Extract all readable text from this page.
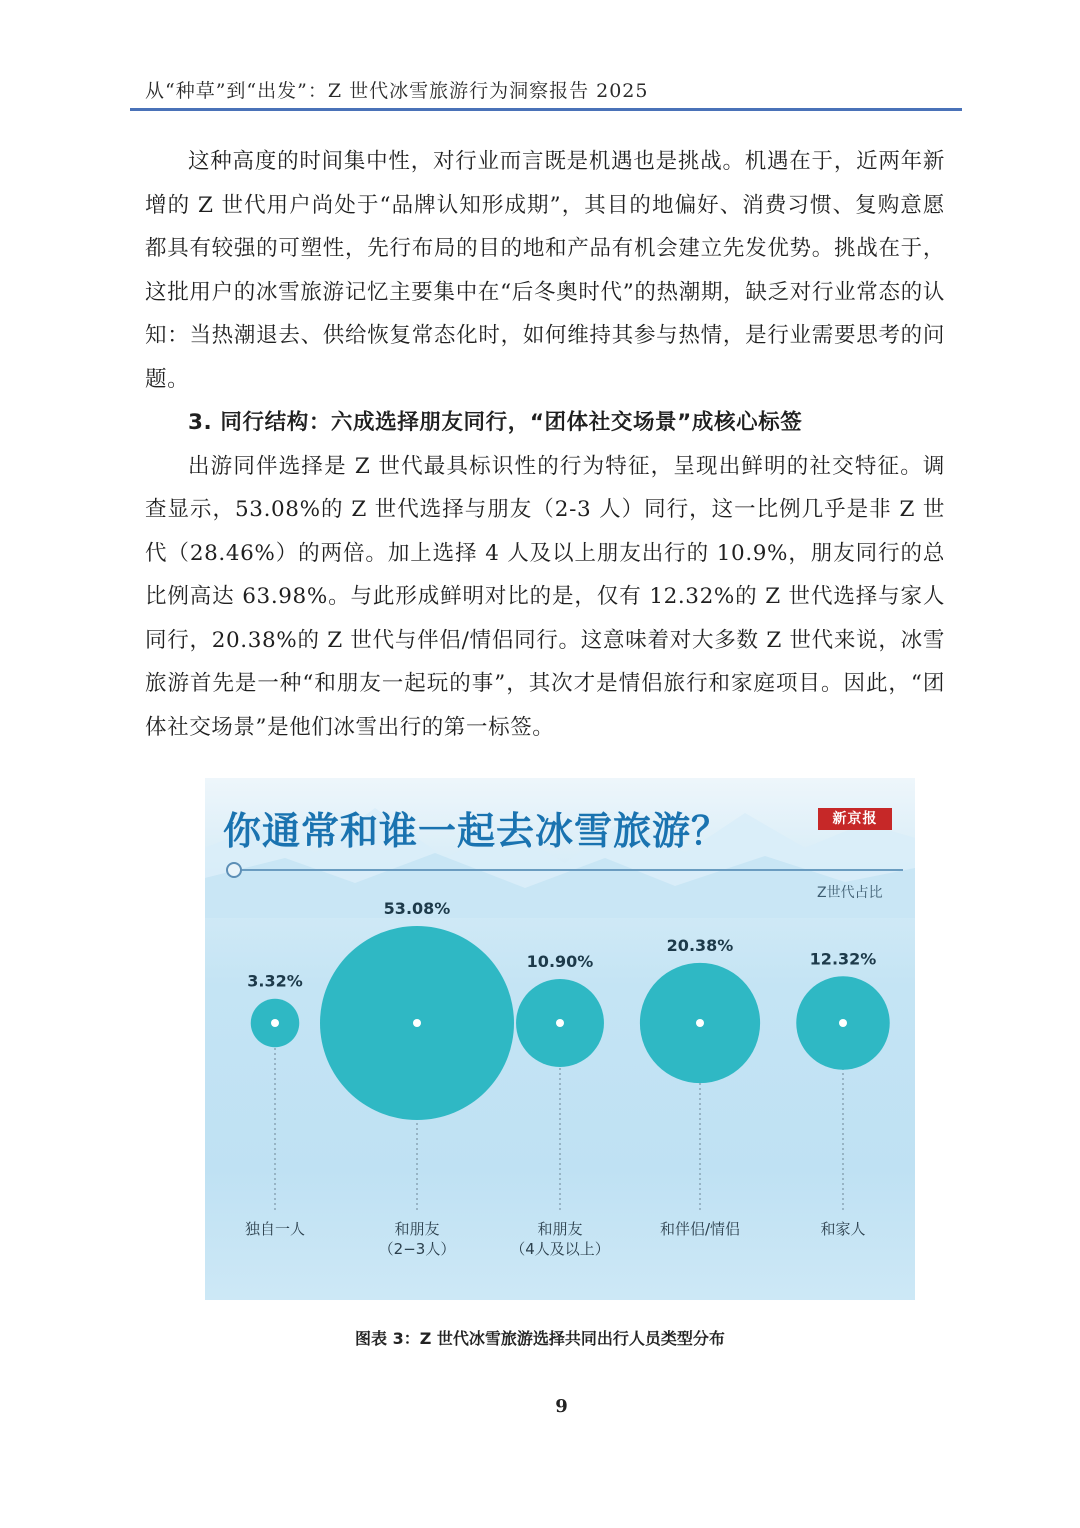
从“种草”到“出发”：Z 世代冰雪旅游行为洞察报告 2025

这种高度的时间集中性，对行业而言既是机遇也是挑战。机遇在于，近两年新增的 Z 世代用户尚处于“品牌认知形成期”，其目的地偏好、消费习惯、复购意愿都具有较强的可塑性，先行布局的目的地和产品有机会建立先发优势。挑战在于，这批用户的冰雪旅游记忆主要集中在“后冬奥时代”的热潮期，缺乏对行业常态的认知：当热潮退去、供给恢复常态化时，如何维持其参与热情，是行业需要思考的问题。

3. 同行结构：六成选择朋友同行，“团体社交场景”成核心标签

出游同伴选择是 Z 世代最具标识性的行为特征，呈现出鲜明的社交特征。调查显示，53.08%的 Z 世代选择与朋友（2-3 人）同行，这一比例几乎是非 Z 世代（28.46%）的两倍。加上选择 4 人及以上朋友出行的 10.9%，朋友同行的总比例高达 63.98%。与此形成鲜明对比的是，仅有 12.32%的 Z 世代选择与家人同行，20.38%的 Z 世代与伴侣/情侣同行。这意味着对大多数 Z 世代来说，冰雪旅游首先是一种“和朋友一起玩的事”，其次才是情侣旅行和家庭项目。因此，“团体社交场景”是他们冰雪出行的第一标签。

你通常和谁一起去冰雪旅游？	新京报
Z世代占比
3.32%
独自一人
53.08%
和朋友
（2−3人）
10.90%
和朋友
（4人及以上）
20.38%
和伴侣/情侣
12.32%
和家人
图表 3：Z 世代冰雪旅游选择共同出行人员类型分布
9
